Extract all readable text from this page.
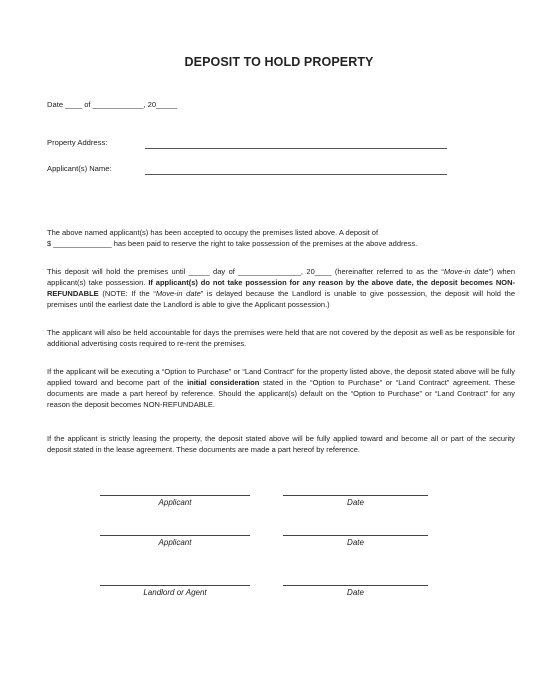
DEPOSIT TO HOLD PROPERTY
Date ____ of ____________, 20_____
Property Address:
Applicant(s) Name:
The above named applicant(s) has been accepted to occupy the premises listed above. A deposit of
$ ______________ has been paid to reserve the right to take possession of the premises at the above address.
This deposit will hold the premises until _____ day of _______________, 20____ (hereinafter referred to as the “Move-in date”) when applicant(s) take possession. If applicant(s) do not take possession for any reason by the above date, the deposit becomes NON-REFUNDABLE (NOTE: If the “Move-in date” is delayed because the Landlord is unable to give possession, the deposit will hold the premises until the earliest date the Landlord is able to give the Applicant possession.)
The applicant will also be held accountable for days the premises were held that are not covered by the deposit as well as be responsible for additional advertising costs required to re-rent the premises.
If the applicant will be executing a “Option to Purchase” or “Land Contract” for the property listed above, the deposit stated above will be fully applied toward and become part of the initial consideration stated in the “Option to Purchase” or “Land Contract” agreement. These documents are made a part hereof by reference. Should the applicant(s) default on the “Option to Purchase” or “Land Contract” for any reason the deposit becomes NON-REFUNDABLE.
If the applicant is strictly leasing the property, the deposit stated above will be fully applied toward and become all or part of the security deposit stated in the lease agreement. These documents are made a part hereof by reference.
Applicant	Date
Applicant	Date
Landlord or Agent	Date
